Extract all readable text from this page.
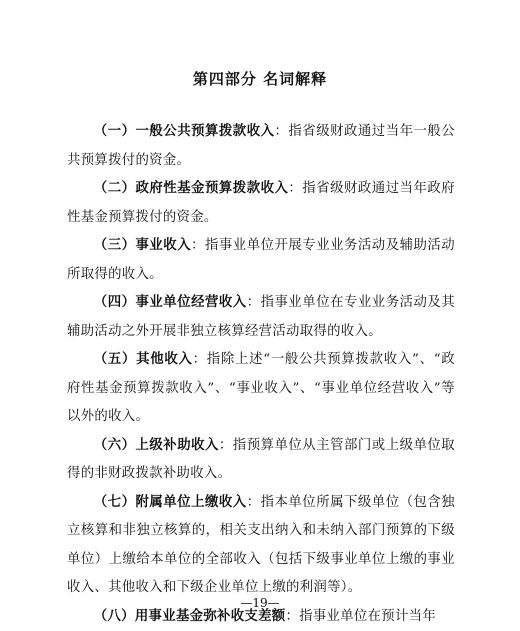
第四部分 名词解释

（一）一般公共预算拨款收入：指省级财政通过当年一般公共预算拨付的资金。

（二）政府性基金预算拨款收入：指省级财政通过当年政府性基金预算拨付的资金。

（三）事业收入：指事业单位开展专业业务活动及辅助活动所取得的收入。

（四）事业单位经营收入：指事业单位在专业业务活动及其辅助活动之外开展非独立核算经营活动取得的收入。

（五）其他收入：指除上述“一般公共预算拨款收入”、“政府性基金预算拨款收入”、“事业收入”、“事业单位经营收入”等以外的收入。

（六）上级补助收入：指预算单位从主管部门或上级单位取得的非财政拨款补助收入。

（七）附属单位上缴收入：指本单位所属下级单位（包含独立核算和非独立核算的，相关支出纳入和未纳入部门预算的下级单位）上缴给本单位的全部收入（包括下级事业单位上缴的事业收入、其他收入和下级企业单位上缴的利润等）。

（八）用事业基金弥补收支差额：指事业单位在预计当年

—19—
